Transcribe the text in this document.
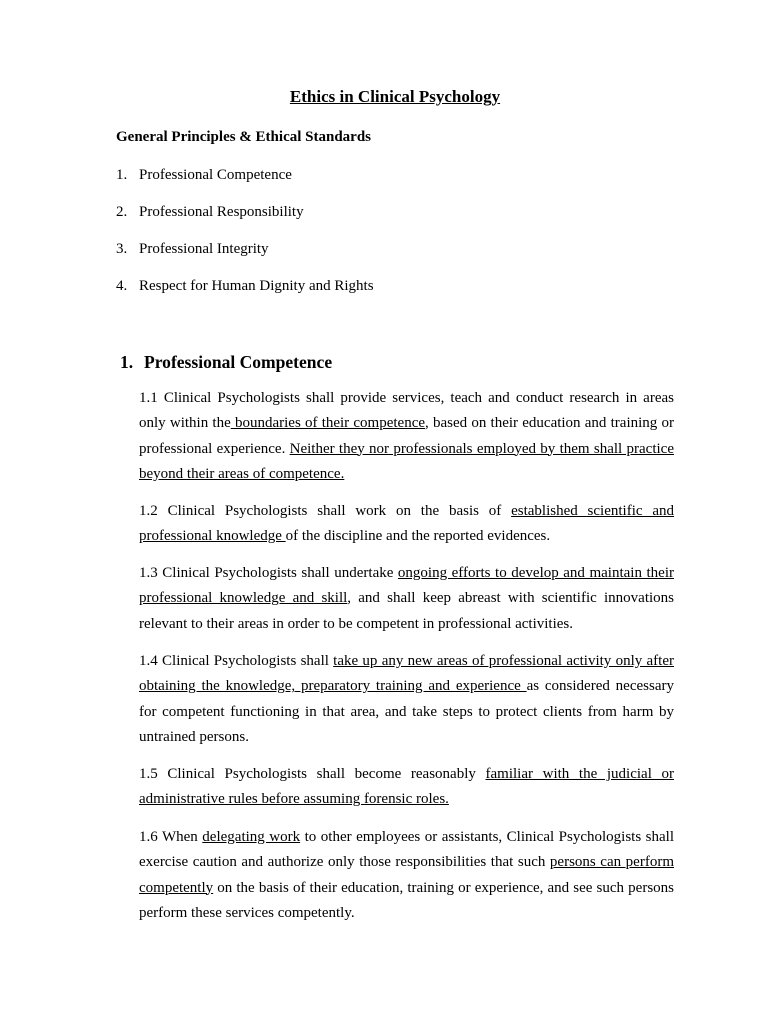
Ethics in Clinical Psychology
General Principles & Ethical Standards
1. Professional Competence
2. Professional Responsibility
3. Professional Integrity
4. Respect for Human Dignity and Rights
1. Professional Competence

1.1 Clinical Psychologists shall provide services, teach and conduct research in areas only within the boundaries of their competence, based on their education and training or professional experience. Neither they nor professionals employed by them shall practice beyond their areas of competence.

1.2 Clinical Psychologists shall work on the basis of established scientific and professional knowledge of the discipline and the reported evidences.

1.3 Clinical Psychologists shall undertake ongoing efforts to develop and maintain their professional knowledge and skill, and shall keep abreast with scientific innovations relevant to their areas in order to be competent in professional activities.

1.4 Clinical Psychologists shall take up any new areas of professional activity only after obtaining the knowledge, preparatory training and experience as considered necessary for competent functioning in that area, and take steps to protect clients from harm by untrained persons.

1.5 Clinical Psychologists shall become reasonably familiar with the judicial or administrative rules before assuming forensic roles.

1.6 When delegating work to other employees or assistants, Clinical Psychologists shall exercise caution and authorize only those responsibilities that such persons can perform competently on the basis of their education, training or experience, and see such persons perform these services competently.
